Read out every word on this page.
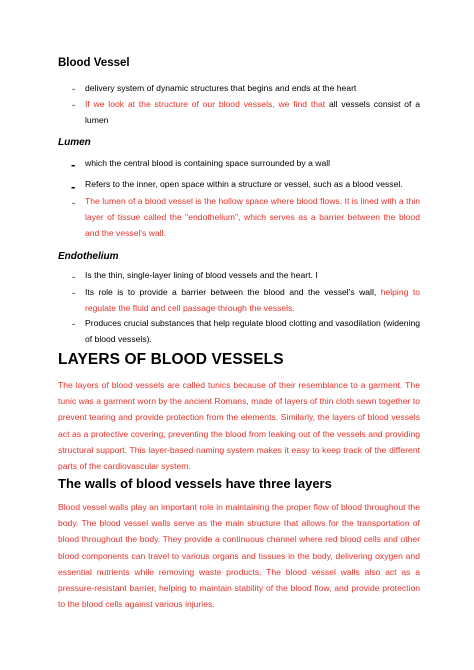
Blood Vessel
- delivery system of dynamic structures that begins and ends at the heart
- If we look at the structure of our blood vessels, we find that all vessels consist of a lumen
Lumen
- which the central blood is containing space surrounded by a wall
- Refers to the inner, open space within a structure or vessel, such as a blood vessel.
- The lumen of a blood vessel is the hollow space where blood flows. It is lined with a thin layer of tissue called the "endothelium", which serves as a barrier between the blood and the vessel's wall.
Endothelium
- Is the thin, single-layer lining of blood vessels and the heart. I
- Its role is to provide a barrier between the blood and the vessel's wall, helping to regulate the fluid and cell passage through the vessels.
- Produces crucial substances that help regulate blood clotting and vasodilation (widening of blood vessels).
LAYERS OF BLOOD VESSELS
The layers of blood vessels are called tunics because of their resemblance to a garment. The tunic was a garment worn by the ancient Romans, made of layers of thin cloth sewn together to prevent tearing and provide protection from the elements. Similarly, the layers of blood vessels act as a protective covering, preventing the blood from leaking out of the vessels and providing structural support. This layer-based naming system makes it easy to keep track of the different parts of the cardiovascular system.
The walls of blood vessels have three layers
Blood vessel walls play an important role in maintaining the proper flow of blood throughout the body. The blood vessel walls serve as the main structure that allows for the transportation of blood throughout the body. They provide a continuous channel where red blood cells and other blood components can travel to various organs and tissues in the body, delivering oxygen and essential nutrients while removing waste products. The blood vessel walls also act as a pressure-resistant barrier, helping to maintain stability of the blood flow, and provide protection to the blood cells against various injuries.
